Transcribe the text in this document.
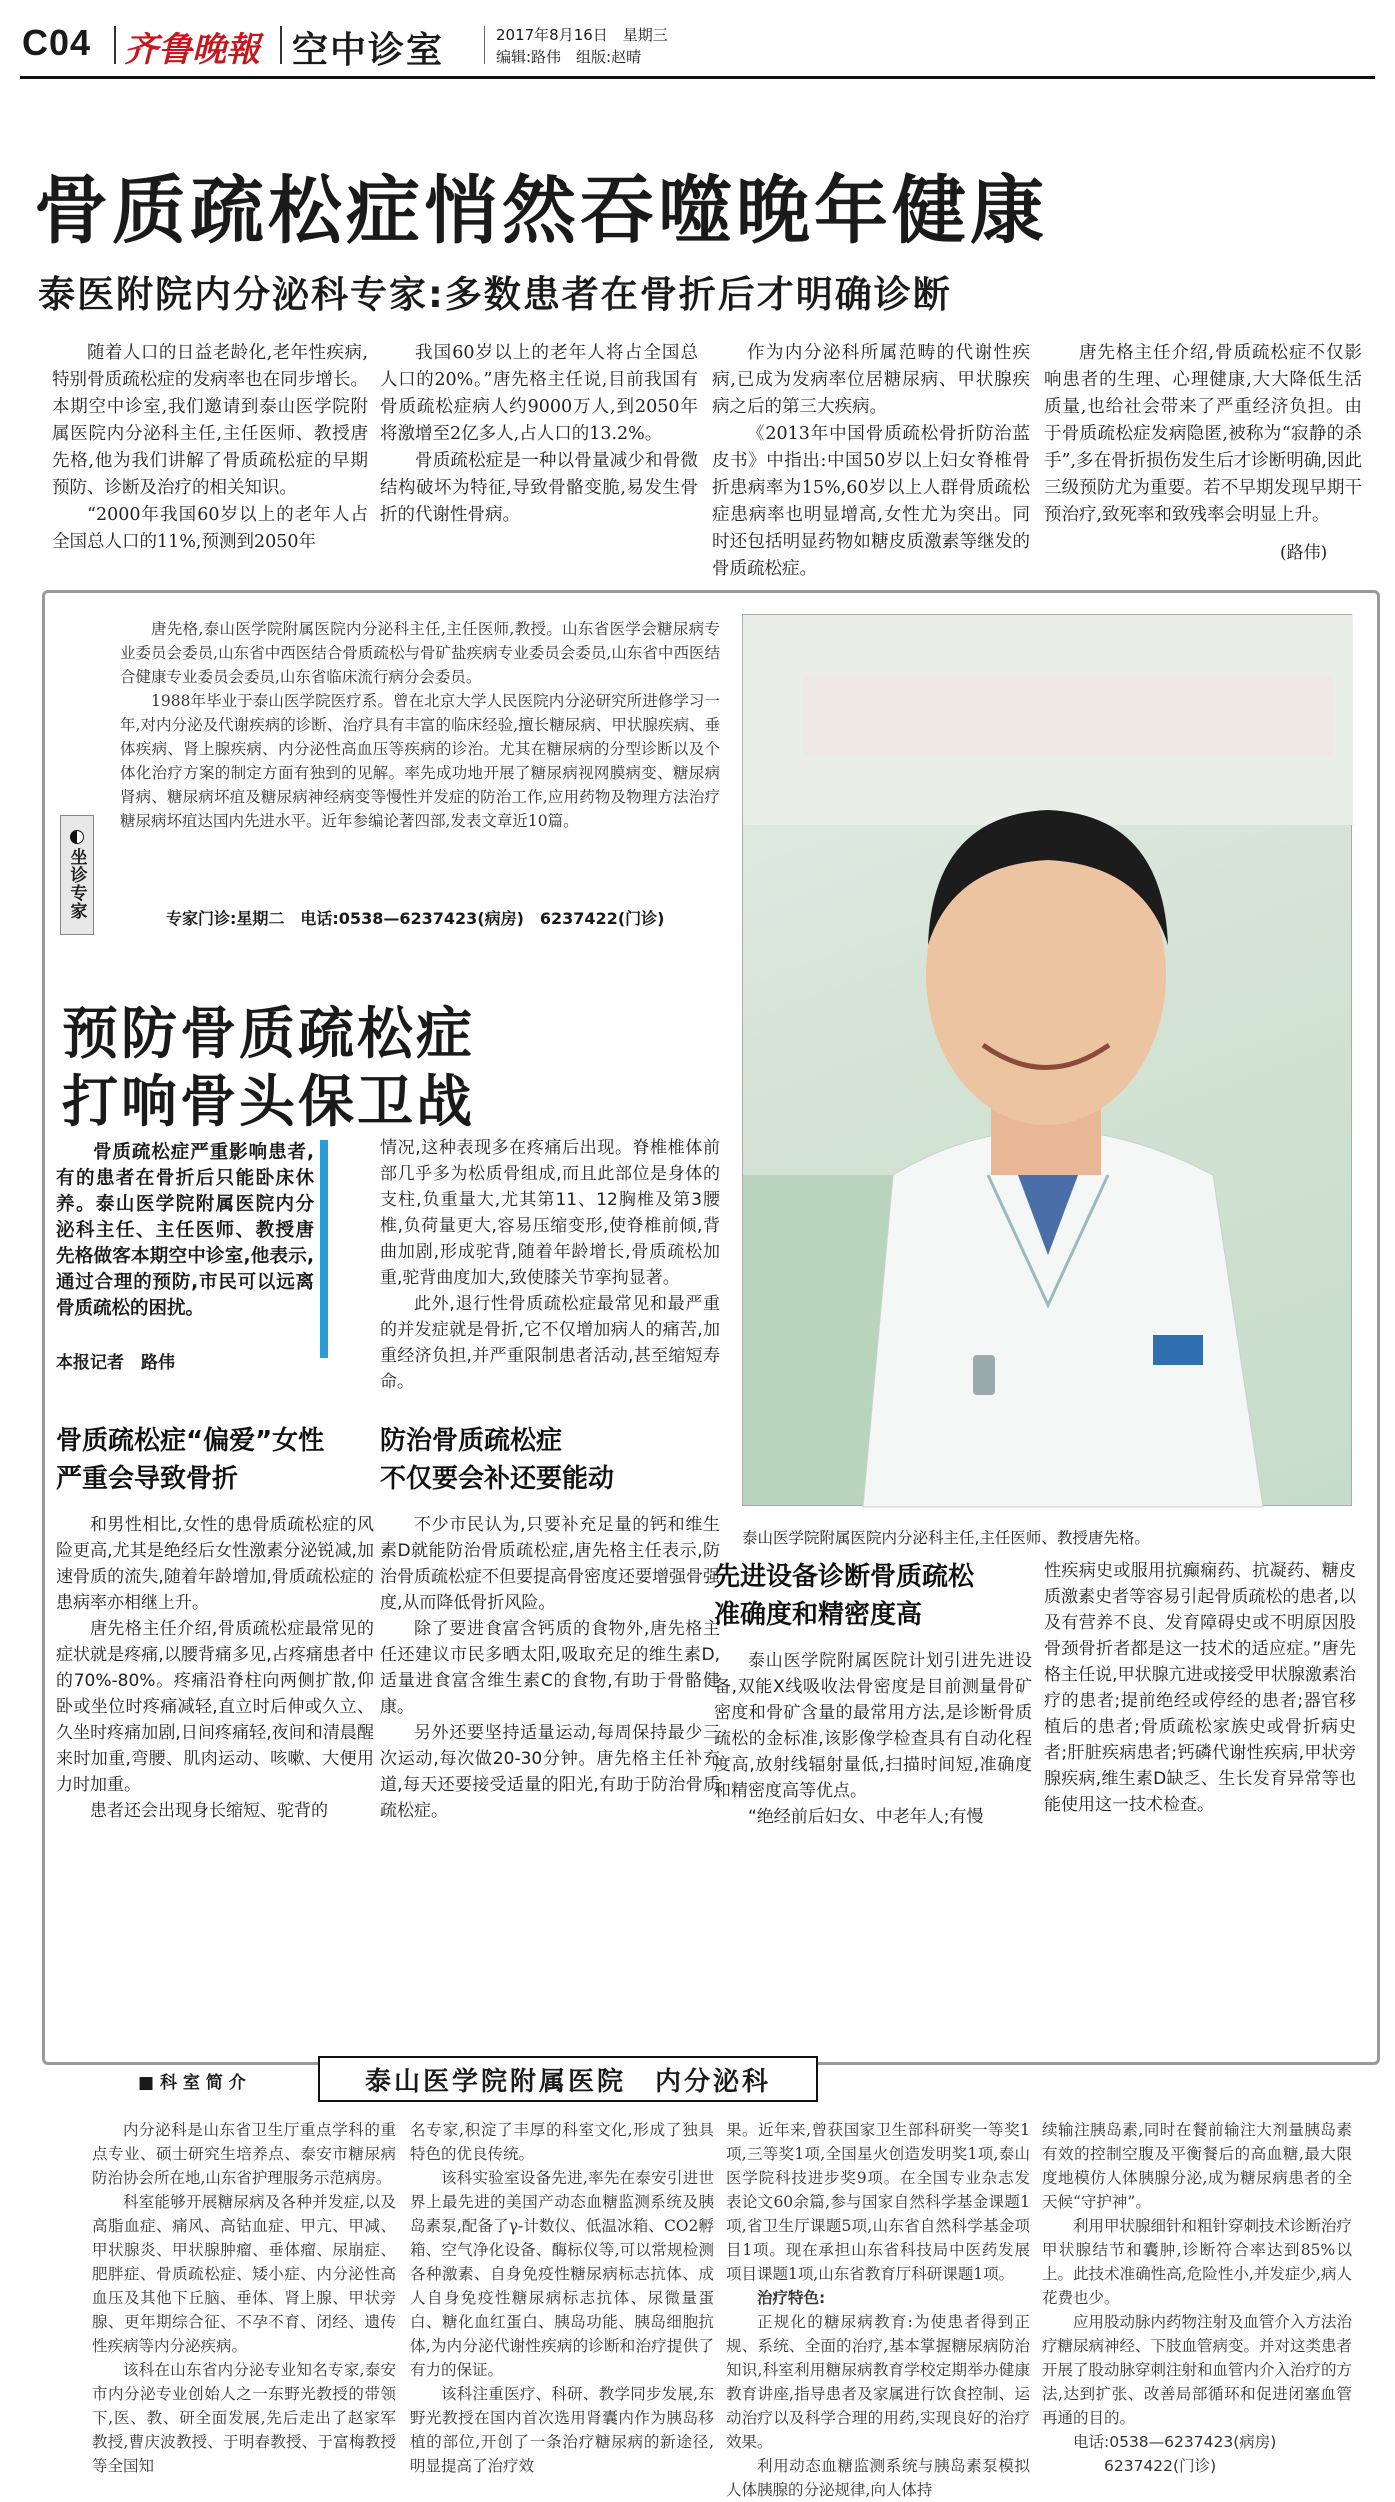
C04 齐鲁晚報 空中诊室	2017年8月16日　星期三
编辑:路伟　组版:赵晴
骨质疏松症悄然吞噬晚年健康
泰医附院内分泌科专家:多数患者在骨折后才明确诊断

随着人口的日益老龄化,老年性疾病,特别骨质疏松症的发病率也在同步增长。本期空中诊室,我们邀请到泰山医学院附属医院内分泌科主任,主任医师、教授唐先格,他为我们讲解了骨质疏松症的早期预防、诊断及治疗的相关知识。

“2000年我国60岁以上的老年人占全国总人口的11%,预测到2050年

我国60岁以上的老年人将占全国总人口的20%。”唐先格主任说,目前我国有骨质疏松症病人约9000万人,到2050年将激增至2亿多人,占人口的13.2%。

骨质疏松症是一种以骨量减少和骨微结构破坏为特征,导致骨骼变脆,易发生骨折的代谢性骨病。

作为内分泌科所属范畴的代谢性疾病,已成为发病率位居糖尿病、甲状腺疾病之后的第三大疾病。

《2013年中国骨质疏松骨折防治蓝皮书》中指出:中国50岁以上妇女脊椎骨折患病率为15%,60岁以上人群骨质疏松症患病率也明显增高,女性尤为突出。同时还包括明显药物如糖皮质激素等继发的骨质疏松症。

唐先格主任介绍,骨质疏松症不仅影响患者的生理、心理健康,大大降低生活质量,也给社会带来了严重经济负担。由于骨质疏松症发病隐匿,被称为“寂静的杀手”,多在骨折损伤发生后才诊断明确,因此三级预防尤为重要。若不早期发现早期干预治疗,致死率和致残率会明显上升。

(路伟)

唐先格,泰山医学院附属医院内分泌科主任,主任医师,教授。山东省医学会糖尿病专业委员会委员,山东省中西医结合骨质疏松与骨矿盐疾病专业委员会委员,山东省中西医结合健康专业委员会委员,山东省临床流行病分会委员。

1988年毕业于泰山医学院医疗系。曾在北京大学人民医院内分泌研究所进修学习一年,对内分泌及代谢疾病的诊断、治疗具有丰富的临床经验,擅长糖尿病、甲状腺疾病、垂体疾病、肾上腺疾病、内分泌性高血压等疾病的诊治。尤其在糖尿病的分型诊断以及个体化治疗方案的制定方面有独到的见解。率先成功地开展了糖尿病视网膜病变、糖尿病肾病、糖尿病坏疽及糖尿病神经病变等慢性并发症的防治工作,应用药物及物理方法治疗糖尿病坏疽达国内先进水平。近年参编论著四部,发表文章近10篇。

坐诊专家	专家门诊:星期二　电话:0538—6237423(病房)　6237422(门诊)
泰山医学院附属医院内分泌科主任,主任医师、教授唐先格。
预防骨质疏松症
打响骨头保卫战
骨质疏松症严重影响患者,有的患者在骨折后只能卧床休养。泰山医学院附属医院内分泌科主任、主任医师、教授唐先格做客本期空中诊室,他表示,通过合理的预防,市民可以远离骨质疏松的困扰。
本报记者　路伟

情况,这种表现多在疼痛后出现。脊椎椎体前部几乎多为松质骨组成,而且此部位是身体的支柱,负重量大,尤其第11、12胸椎及第3腰椎,负荷量更大,容易压缩变形,使脊椎前倾,背曲加剧,形成驼背,随着年龄增长,骨质疏松加重,驼背曲度加大,致使膝关节挛拘显著。

此外,退行性骨质疏松症最常见和最严重的并发症就是骨折,它不仅增加病人的痛苦,加重经济负担,并严重限制患者活动,甚至缩短寿命。

骨质疏松症“偏爱”女性
严重会导致骨折

和男性相比,女性的患骨质疏松症的风险更高,尤其是绝经后女性激素分泌锐减,加速骨质的流失,随着年龄增加,骨质疏松症的患病率亦相继上升。

唐先格主任介绍,骨质疏松症最常见的症状就是疼痛,以腰背痛多见,占疼痛患者中的70%-80%。疼痛沿脊柱向两侧扩散,仰卧或坐位时疼痛减轻,直立时后伸或久立、久坐时疼痛加剧,日间疼痛轻,夜间和清晨醒来时加重,弯腰、肌肉运动、咳嗽、大便用力时加重。

患者还会出现身长缩短、驼背的

防治骨质疏松症
不仅要会补还要能动

不少市民认为,只要补充足量的钙和维生素D就能防治骨质疏松症,唐先格主任表示,防治骨质疏松症不但要提高骨密度还要增强骨强度,从而降低骨折风险。

除了要进食富含钙质的食物外,唐先格主任还建议市民多晒太阳,吸取充足的维生素D,适量进食富含维生素C的食物,有助于骨骼健康。

另外还要坚持适量运动,每周保持最少三次运动,每次做20-30分钟。唐先格主任补充道,每天还要接受适量的阳光,有助于防治骨质疏松症。

先进设备诊断骨质疏松
准确度和精密度高

泰山医学院附属医院计划引进先进设备,双能X线吸收法骨密度是目前测量骨矿密度和骨矿含量的最常用方法,是诊断骨质疏松的金标准,该影像学检查具有自动化程度高,放射线辐射量低,扫描时间短,准确度和精密度高等优点。

“绝经前后妇女、中老年人;有慢

性疾病史或服用抗癫痫药、抗凝药、糖皮质激素史者等容易引起骨质疏松的患者,以及有营养不良、发育障碍史或不明原因股骨颈骨折者都是这一技术的适应症。”唐先格主任说,甲状腺亢进或接受甲状腺激素治疗的患者;提前绝经或停经的患者;器官移植后的患者;骨质疏松家族史或骨折病史者;肝脏疾病患者;钙磷代谢性疾病,甲状旁腺疾病,维生素D缺乏、生长发育异常等也能使用这一技术检查。

■ 科 室 简 介	泰山医学院附属医院　内分泌科

内分泌科是山东省卫生厅重点学科的重点专业、硕士研究生培养点、泰安市糖尿病防治协会所在地,山东省护理服务示范病房。

科室能够开展糖尿病及各种并发症,以及高脂血症、痛风、高钴血症、甲亢、甲减、甲状腺炎、甲状腺肿瘤、垂体瘤、尿崩症、肥胖症、骨质疏松症、矮小症、内分泌性高血压及其他下丘脑、垂体、肾上腺、甲状旁腺、更年期综合征、不孕不育、闭经、遗传性疾病等内分泌疾病。

该科在山东省内分泌专业知名专家,泰安市内分泌专业创始人之一东野光教授的带领下,医、教、研全面发展,先后走出了赵家军教授,曹庆波教授、于明春教授、于富梅教授等全国知

名专家,积淀了丰厚的科室文化,形成了独具特色的优良传统。

该科实验室设备先进,率先在泰安引进世界上最先进的美国产动态血糖监测系统及胰岛素泵,配备了γ-计数仪、低温冰箱、CO2孵箱、空气净化设备、酶标仪等,可以常规检测各种激素、自身免疫性糖尿病标志抗体、成人自身免疫性糖尿病标志抗体、尿微量蛋白、糖化血红蛋白、胰岛功能、胰岛细胞抗体,为内分泌代谢性疾病的诊断和治疗提供了有力的保证。

该科注重医疗、科研、教学同步发展,东野光教授在国内首次选用肾囊内作为胰岛移植的部位,开创了一条治疗糖尿病的新途径,明显提高了治疗效

果。近年来,曾获国家卫生部科研奖一等奖1项,三等奖1项,全国星火创造发明奖1项,泰山医学院科技进步奖9项。在全国专业杂志发表论文60余篇,参与国家自然科学基金课题1项,省卫生厅课题5项,山东省自然科学基金项目1项。现在承担山东省科技局中医药发展项目课题1项,山东省教育厅科研课题1项。

治疗特色:

正规化的糖尿病教育:为使患者得到正规、系统、全面的治疗,基本掌握糖尿病防治知识,科室利用糖尿病教育学校定期举办健康教育讲座,指导患者及家属进行饮食控制、运动治疗以及科学合理的用药,实现良好的治疗效果。

利用动态血糖监测系统与胰岛素泵模拟人体胰腺的分泌规律,向人体持

续输注胰岛素,同时在餐前输注大剂量胰岛素有效的控制空腹及平衡餐后的高血糖,最大限度地模仿人体胰腺分泌,成为糖尿病患者的全天候“守护神”。

利用甲状腺细针和粗针穿刺技术诊断治疗甲状腺结节和囊肿,诊断符合率达到85%以上。此技术准确性高,危险性小,并发症少,病人花费也少。

应用股动脉内药物注射及血管介入方法治疗糖尿病神经、下肢血管病变。并对这类患者开展了股动脉穿刺注射和血管内介入治疗的方法,达到扩张、改善局部循环和促进闭塞血管再通的目的。

电话:0538—6237423(病房)

6237422(门诊)
